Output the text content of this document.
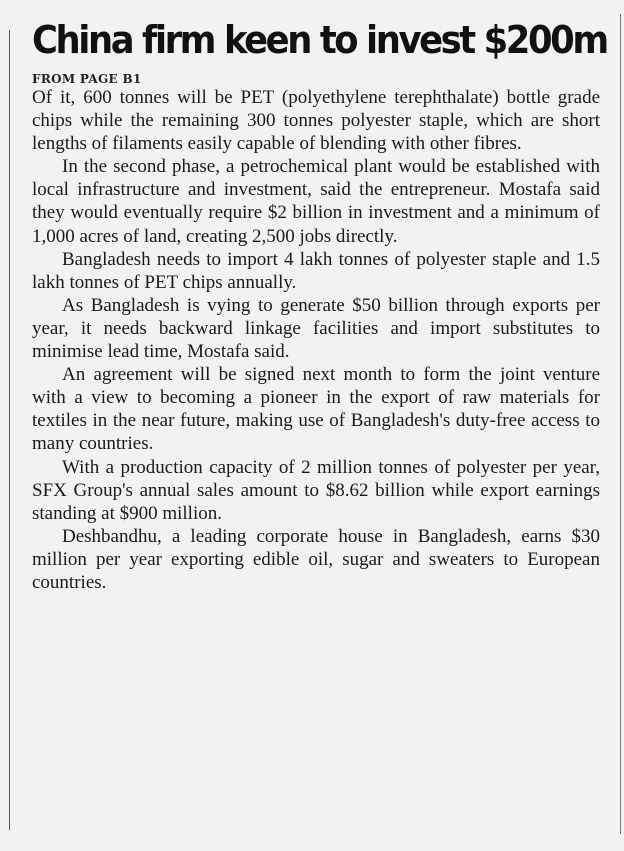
China firm keen to invest $200m
FROM PAGE B1

Of it, 600 tonnes will be PET (polyethylene terephthalate) bottle grade chips while the remaining 300 tonnes polyester staple, which are short lengths of filaments easily capable of blending with other fibres.

In the second phase, a petrochemical plant would be established with local infrastructure and investment, said the entrepreneur. Mostafa said they would eventually require $2 billion in investment and a minimum of 1,000 acres of land, creating 2,500 jobs directly.

Bangladesh needs to import 4 lakh tonnes of polyester staple and 1.5 lakh tonnes of PET chips annually.

As Bangladesh is vying to generate $50 billion through exports per year, it needs backward linkage facilities and import substitutes to minimise lead time, Mostafa said.

An agreement will be signed next month to form the joint venture with a view to becoming a pioneer in the export of raw materials for textiles in the near future, making use of Bangladesh's duty-free access to many countries.

With a production capacity of 2 million tonnes of polyester per year, SFX Group's annual sales amount to $8.62 billion while export earnings standing at $900 million.

Deshbandhu, a leading corporate house in Bangladesh, earns $30 million per year exporting edible oil, sugar and sweaters to European countries.
